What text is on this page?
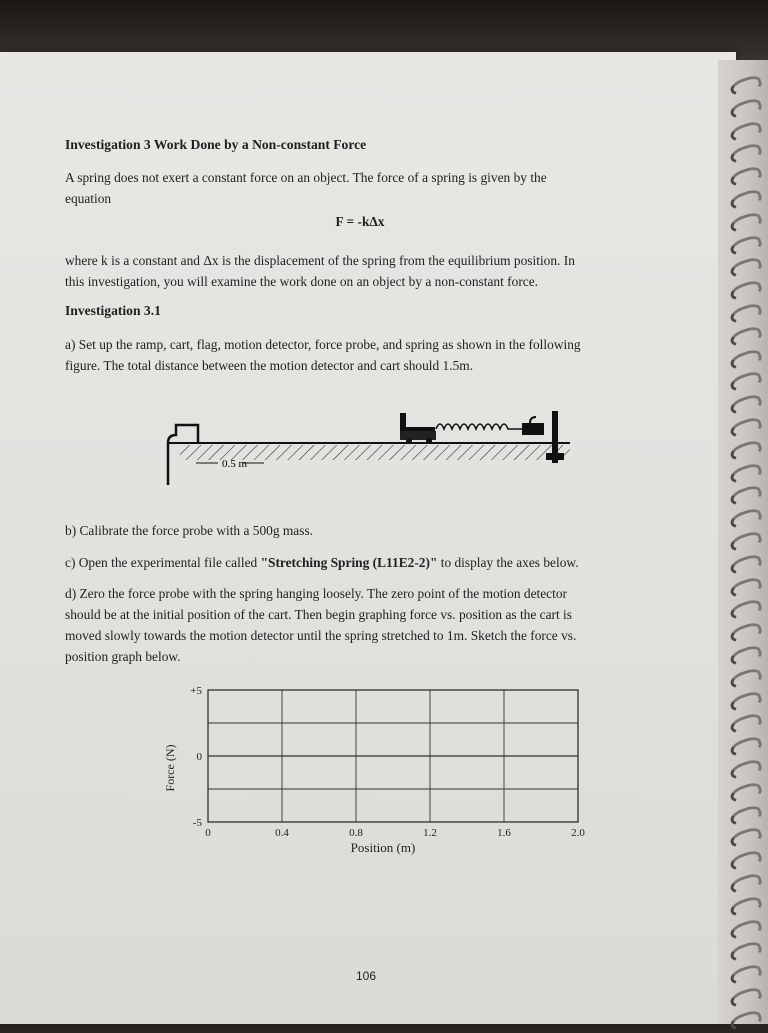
Investigation 3 Work Done by a Non-constant Force
A spring does not exert a constant force on an object. The force of a spring is given by the
equation
F = -kΔx
where k is a constant and Δx is the displacement of the spring from the equilibrium position. In
this investigation, you will examine the work done on an object by a non-constant force.
Investigation 3.1
a) Set up the ramp, cart, flag, motion detector, force probe, and spring as shown in the following
figure. The total distance between the motion detector and cart should 1.5m.
0.5 m
b) Calibrate the force probe with a 500g mass.
c) Open the experimental file called "Stretching Spring (L11E2-2)" to display the axes below.
d) Zero the force probe with the spring hanging loosely. The zero point of the motion detector
should be at the initial position of the cart. Then begin graphing force vs. position as the cart is
moved slowly towards the motion detector until the spring stretched to 1m. Sketch the force vs.
position graph below.
+5
0
-5
0	0.4	0.8	1.2	1.6	2.0
Position (m)
Force (N)
106
